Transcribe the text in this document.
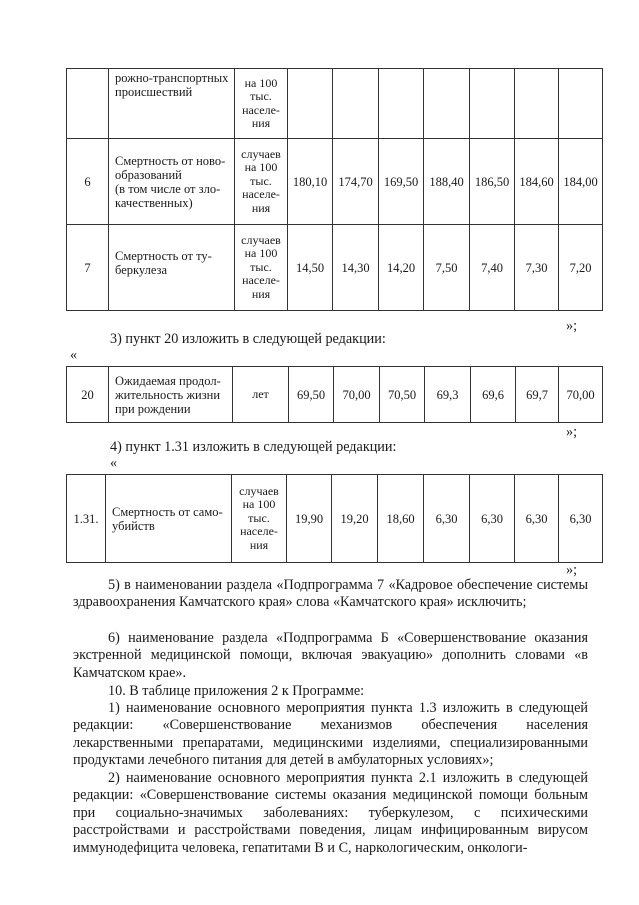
	рожно-транспортных
происшествий	на 100
тыс.
населе-
ния							
6	Смертность от ново-
образований
(в том числе от зло-
качественных)	случаев
на 100
тыс.
населе-
ния	180,10	174,70	169,50	188,40	186,50	184,60	184,00
7	Смертность от ту-
беркулеза	случаев
на 100
тыс.
населе-
ния	14,50	14,30	14,20	7,50	7,40	7,30	7,20
»;
3) пункт 20 изложить в следующей редакции:
«
20	Ожидаемая продол-
жительность жизни
при рождении	лет	69,50	70,00	70,50	69,3	69,6	69,7	70,00
»;
4) пункт 1.31 изложить в следующей редакции:
«
1.31.	Смертность от само-
убийств	случаев
на 100
тыс.
населе-
ния	19,90	19,20	18,60	6,30	6,30	6,30	6,30
»;
5) в наименовании раздела «Подпрограмма 7 «Кадровое обеспечение системы здравоохранения Камчатского края» слова «Камчатского края» исключить;
6) наименование раздела «Подпрограмма Б «Совершенствование оказания экстренной медицинской помощи, включая эвакуацию» дополнить словами «в Камчатском крае».
10. В таблице приложения 2 к Программе:
1) наименование основного мероприятия пункта 1.3 изложить в следующей редакции: «Совершенствование механизмов обеспечения населения лекарственными препаратами, медицинскими изделиями, специализированными продуктами лечебного питания для детей в амбулаторных условиях»;
2) наименование основного мероприятия пункта 2.1 изложить в следующей редакции: «Совершенствование системы оказания медицинской помощи больным при социально-значимых заболеваниях: туберкулезом, с психическими расстройствами и расстройствами поведения, лицам инфицированным вирусом иммунодефицита человека, гепатитами B и C, наркологическим, онкологи-
